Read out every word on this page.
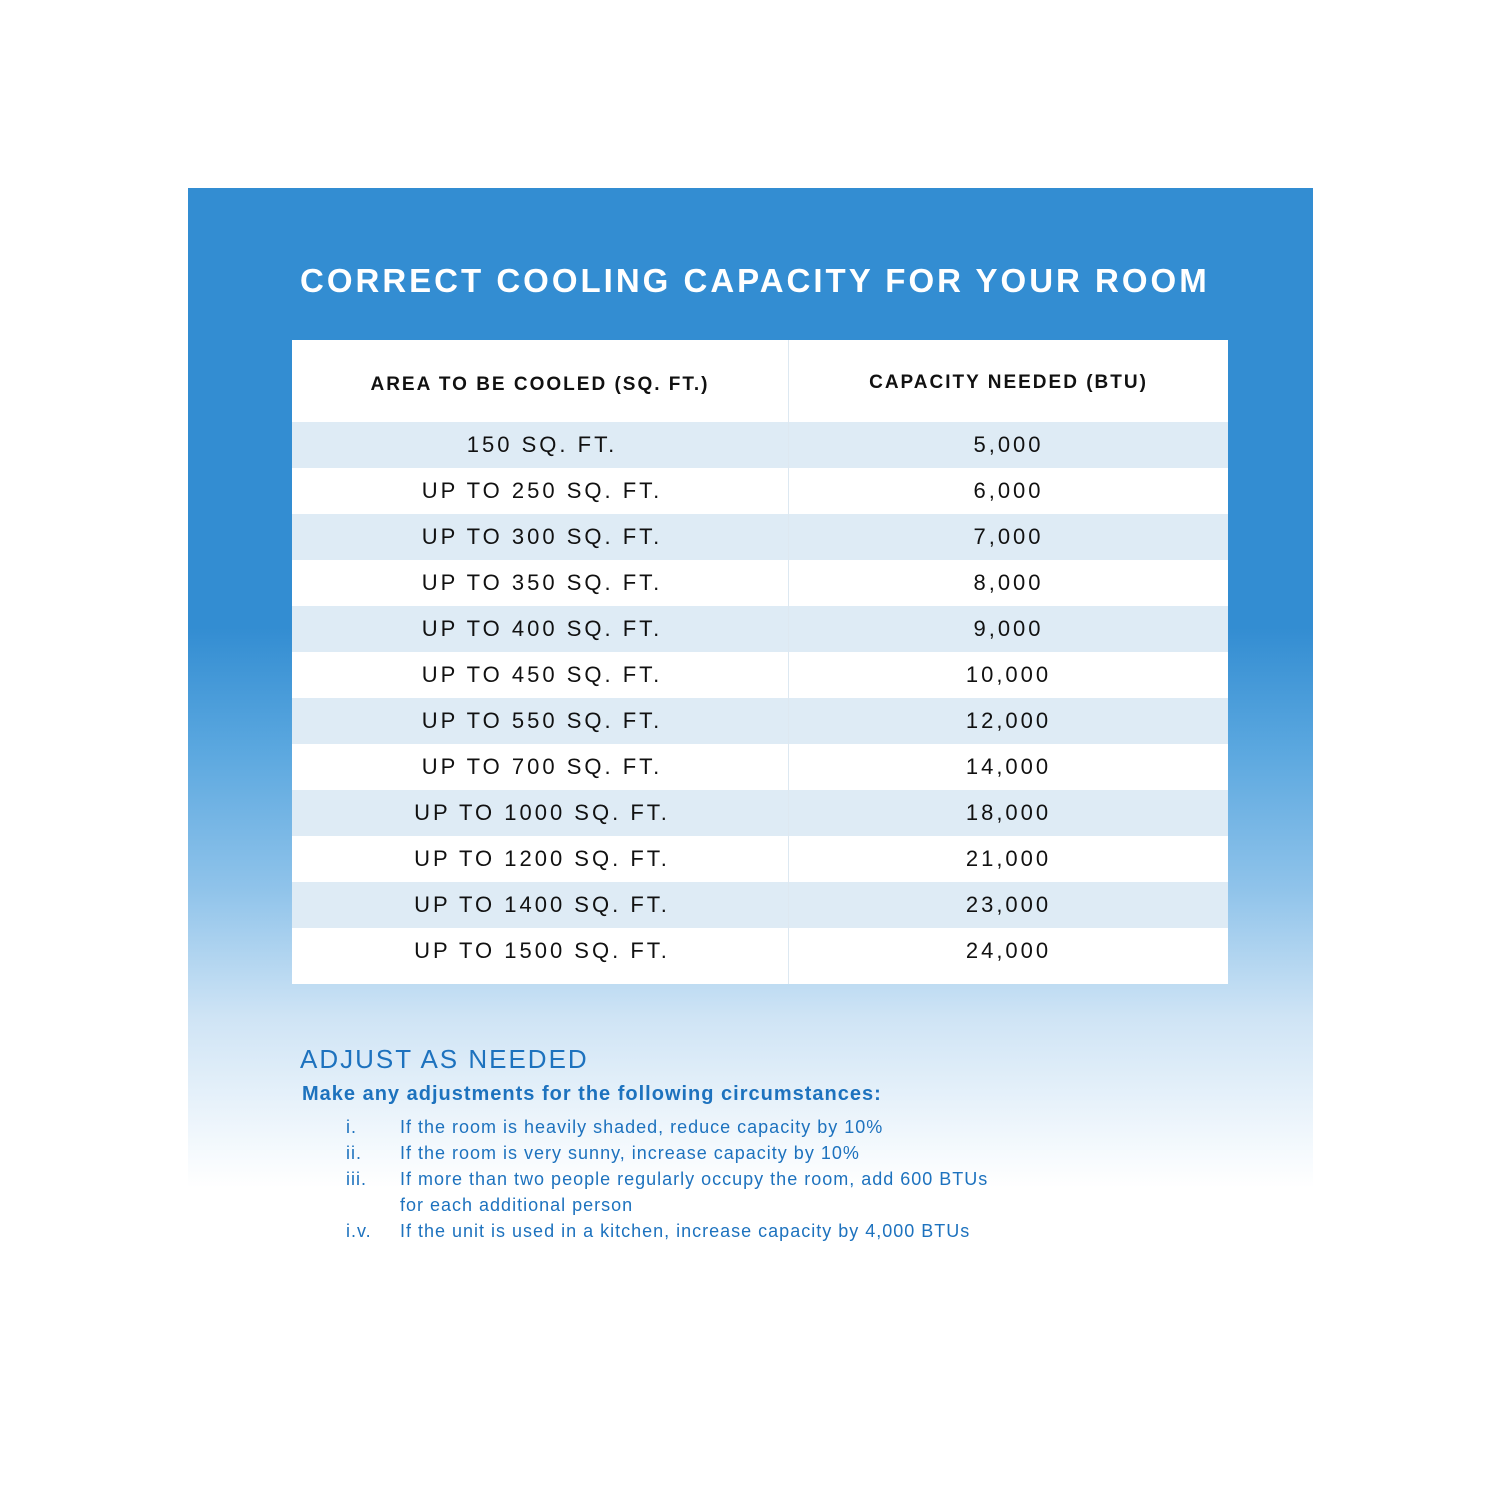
CORRECT COOLING CAPACITY FOR YOUR ROOM
AREA TO BE COOLED (SQ. FT.)	CAPACITY NEEDED (BTU)
150 SQ. FT.	5,000
UP TO 250 SQ. FT.	6,000
UP TO 300 SQ. FT.	7,000
UP TO 350 SQ. FT.	8,000
UP TO 400 SQ. FT.	9,000
UP TO 450 SQ. FT.	10,000
UP TO 550 SQ. FT.	12,000
UP TO 700 SQ. FT.	14,000
UP TO 1000 SQ. FT.	18,000
UP TO 1200 SQ. FT.	21,000
UP TO 1400 SQ. FT.	23,000
UP TO 1500 SQ. FT.	24,000
ADJUST AS NEEDED
Make any adjustments for the following circumstances:
i.	If the room is heavily shaded, reduce capacity by 10%
ii.	If the room is very sunny, increase capacity by 10%
iii.	If more than two people regularly occupy the room, add 600 BTUs for each additional person
i.v.	If the unit is used in a kitchen, increase capacity by 4,000 BTUs
